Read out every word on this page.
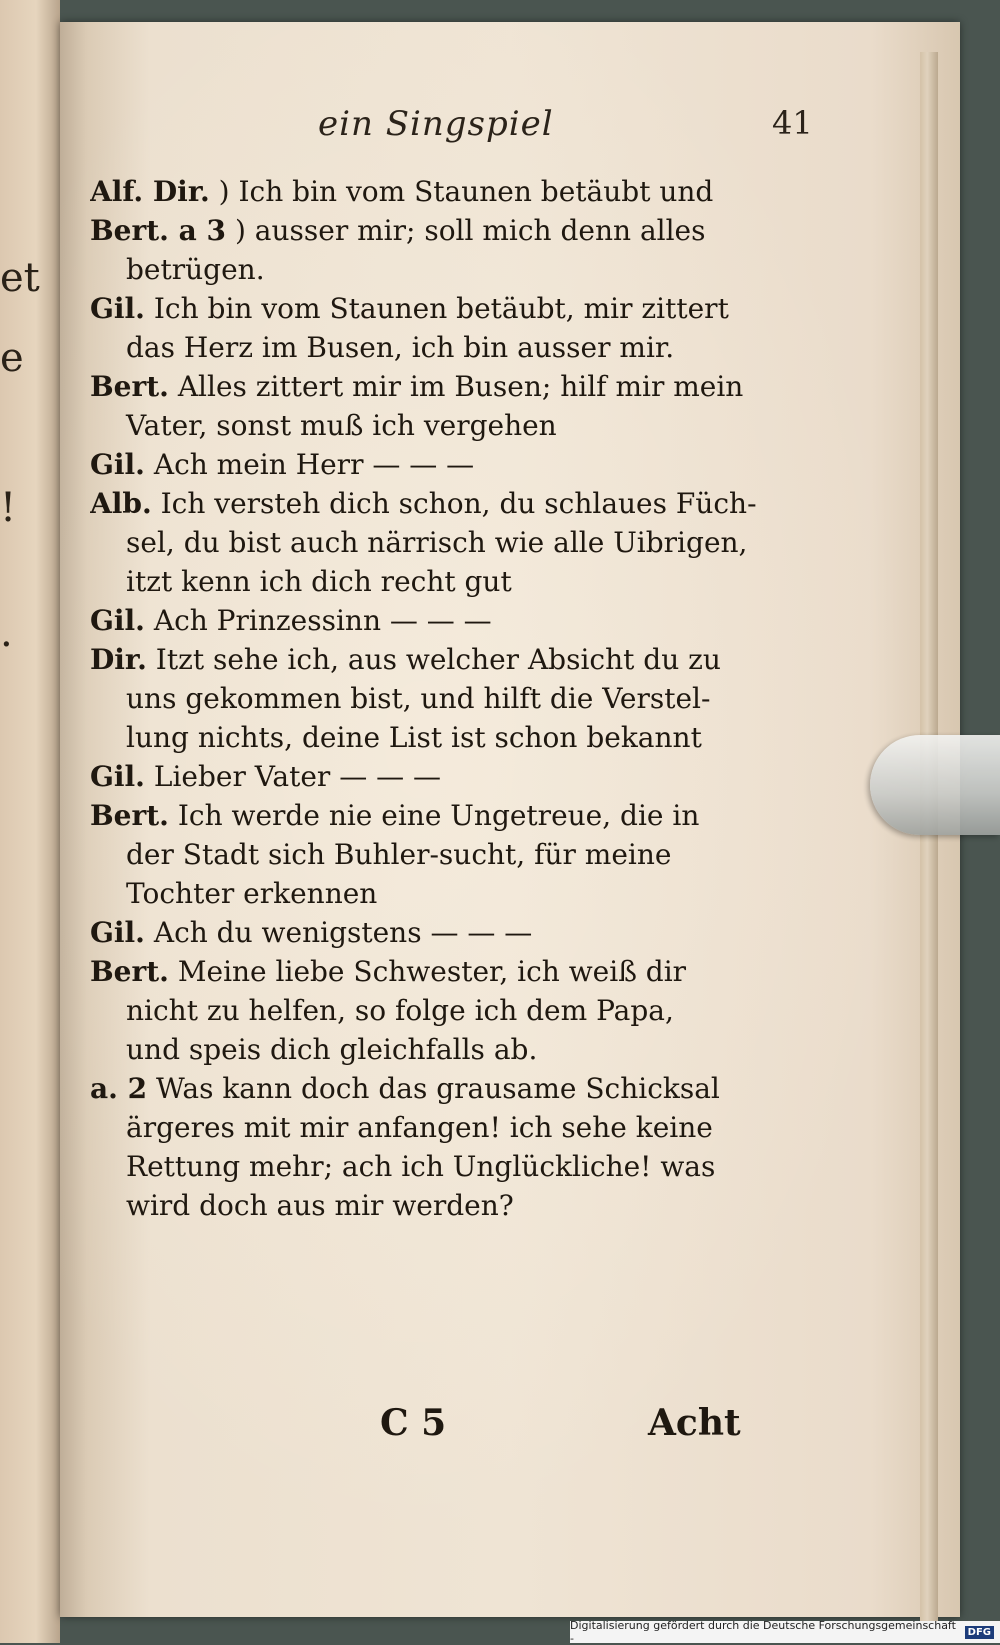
et
e
!
.
ein Singspiel	41
Alf. Dir. ) Ich bin vom Staunen betäubt und
Bert. a 3 ) ausser mir; soll mich denn alles
betrügen.
Gil. Ich bin vom Staunen betäubt, mir zittert
das Herz im Busen, ich bin ausser mir.
Bert. Alles zittert mir im Busen; hilf mir mein
Vater, sonst muß ich vergehen
Gil. Ach mein Herr — — —
Alb. Ich versteh dich schon, du schlaues Füch-
sel, du bist auch närrisch wie alle Uibrigen,
itzt kenn ich dich recht gut
Gil. Ach Prinzessinn — — —
Dir. Itzt sehe ich, aus welcher Absicht du zu
uns gekommen bist, und hilft die Verstel-
lung nichts, deine List ist schon bekannt
Gil. Lieber Vater — — —
Bert. Ich werde nie eine Ungetreue, die in
der Stadt sich Buhler-sucht, für meine
Tochter erkennen
Gil. Ach du wenigstens — — —
Bert. Meine liebe Schwester, ich weiß dir
nicht zu helfen, so folge ich dem Papa,
und speis dich gleichfalls ab.
a. 2 Was kann doch das grausame Schicksal
ärgeres mit mir anfangen! ich sehe keine
Rettung mehr; ach ich Unglückliche! was
wird doch aus mir werden?
C 5	Acht
Digitalisierung gefördert durch die Deutsche Forschungsgemeinschaft -	DFG
